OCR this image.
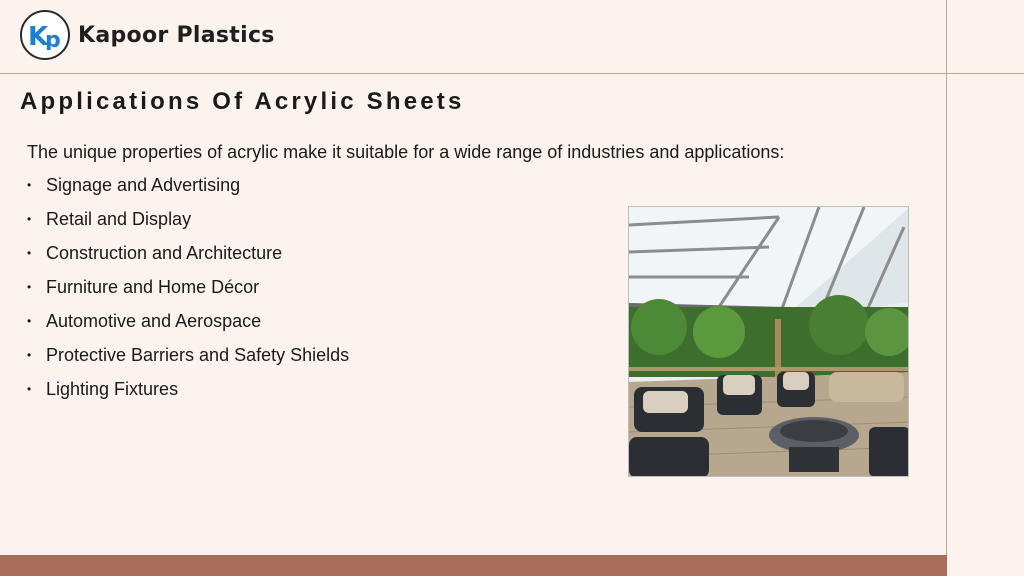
K
p Kapoor Plastics
Applications Of Acrylic Sheets

The unique properties of acrylic make it suitable for a wide range of industries and applications:

• Signage and Advertising
• Retail and Display
• Construction and Architecture
• Furniture and Home Décor
• Automotive and Aerospace
• Protective Barriers and Safety Shields
• Lighting Fixtures
